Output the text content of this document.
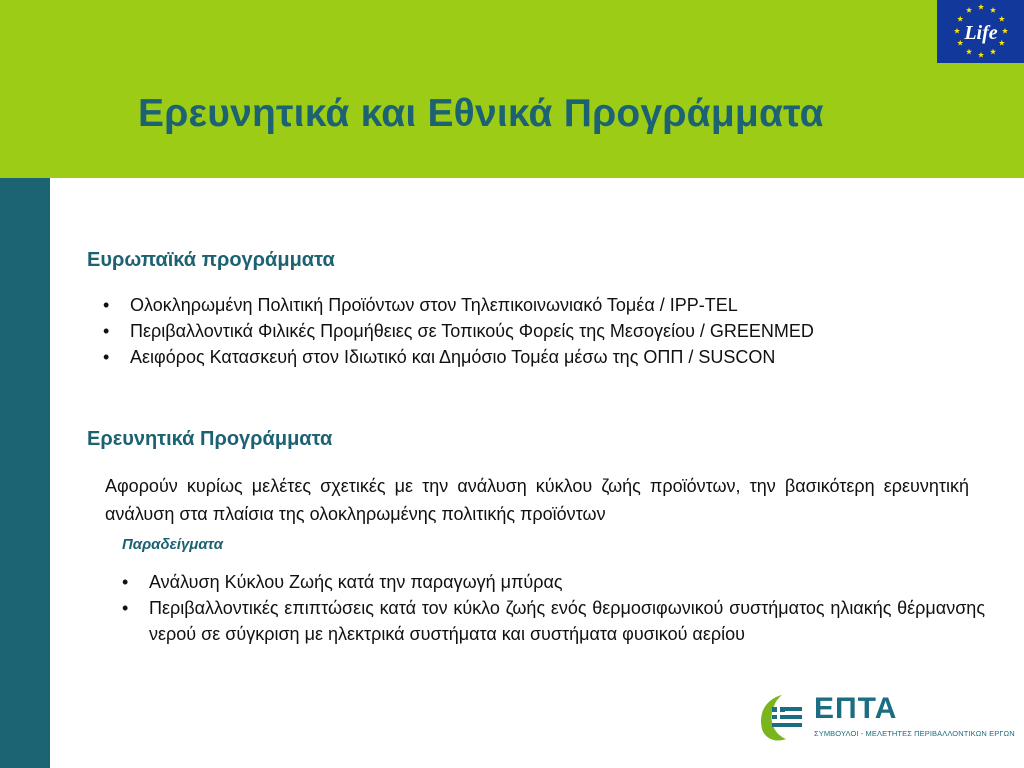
Ερευνητικά και Εθνικά Προγράμματα
Life
Ευρωπαϊκά προγράμματα
• Ολοκληρωμένη Πολιτική Προϊόντων στον Τηλεπικοινωνιακό Τομέα / IPP-TEL
• Περιβαλλοντικά Φιλικές Προμήθειες σε Τοπικούς Φορείς της Μεσογείου / GREENMED
• Αειφόρος Κατασκευή στον Ιδιωτικό και Δημόσιο Τομέα μέσω της ΟΠΠ / SUSCON
Ερευνητικά Προγράμματα

Αφορούν κυρίως μελέτες σχετικές με την ανάλυση κύκλου ζωής προϊόντων, την βασικότερη ερευνητική ανάλυση στα πλαίσια της ολοκληρωμένης πολιτικής προϊόντων

Παραδείγματα

• Ανάλυση Κύκλου Ζωής κατά την παραγωγή μπύρας
• Περιβαλλοντικές επιπτώσεις κατά τον κύκλο ζωής ενός θερμοσιφωνικού συστήματος ηλιακής θέρμανσης νερού σε σύγκριση με ηλεκτρικά συστήματα και συστήματα φυσικού αερίου

ΕΠΤΑ

ΣΥΜΒΟΥΛΟΙ - ΜΕΛΕΤΗΤΕΣ ΠΕΡΙΒΑΛΛΟΝΤΙΚΩΝ ΕΡΓΩΝ
